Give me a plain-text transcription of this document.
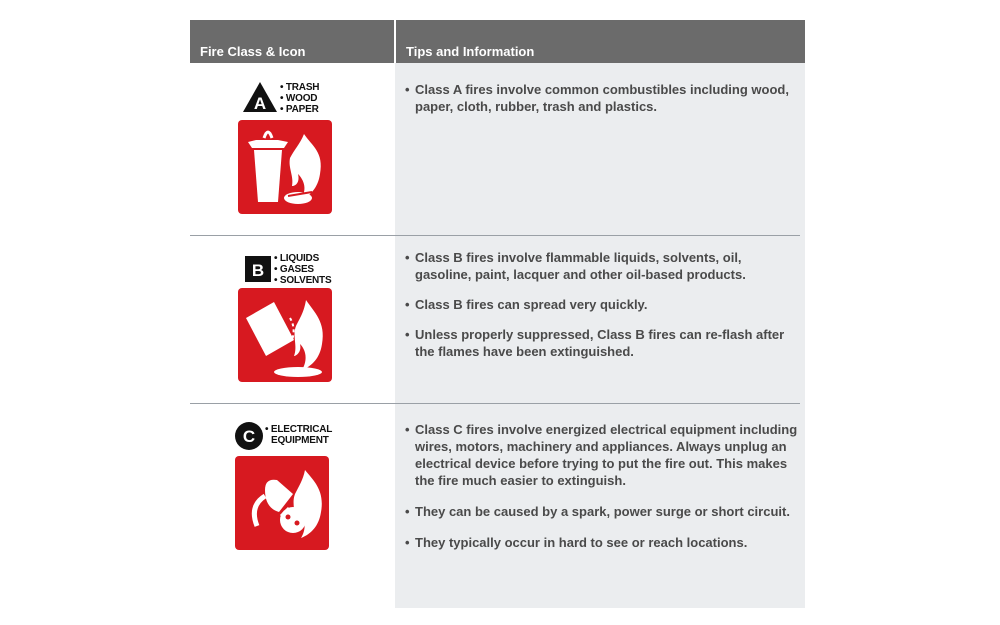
Fire Class & Icon	Tips and Information
A
• TRASH
• WOOD
• PAPER

• Class A fires involve common combustibles including wood, paper, cloth, rubber, trash and plastics.

B
• LIQUIDS
• GASES
• SOLVENTS

• Class B fires involve flammable liquids, solvents, oil, gasoline, paint, lacquer and other oil-based products.

• Class B fires can spread very quickly.

• Unless properly suppressed, Class B fires can re-flash after the flames have been extinguished.

C • ELECTRICAL
EQUIPMENT

• Class C fires involve energized electrical equipment including wires, motors, machinery and appliances. Always unplug an electrical device before trying to put the fire out. This makes the fire much easier to extinguish.

• They can be caused by a spark, power surge or short circuit.

• They typically occur in hard to see or reach locations.
